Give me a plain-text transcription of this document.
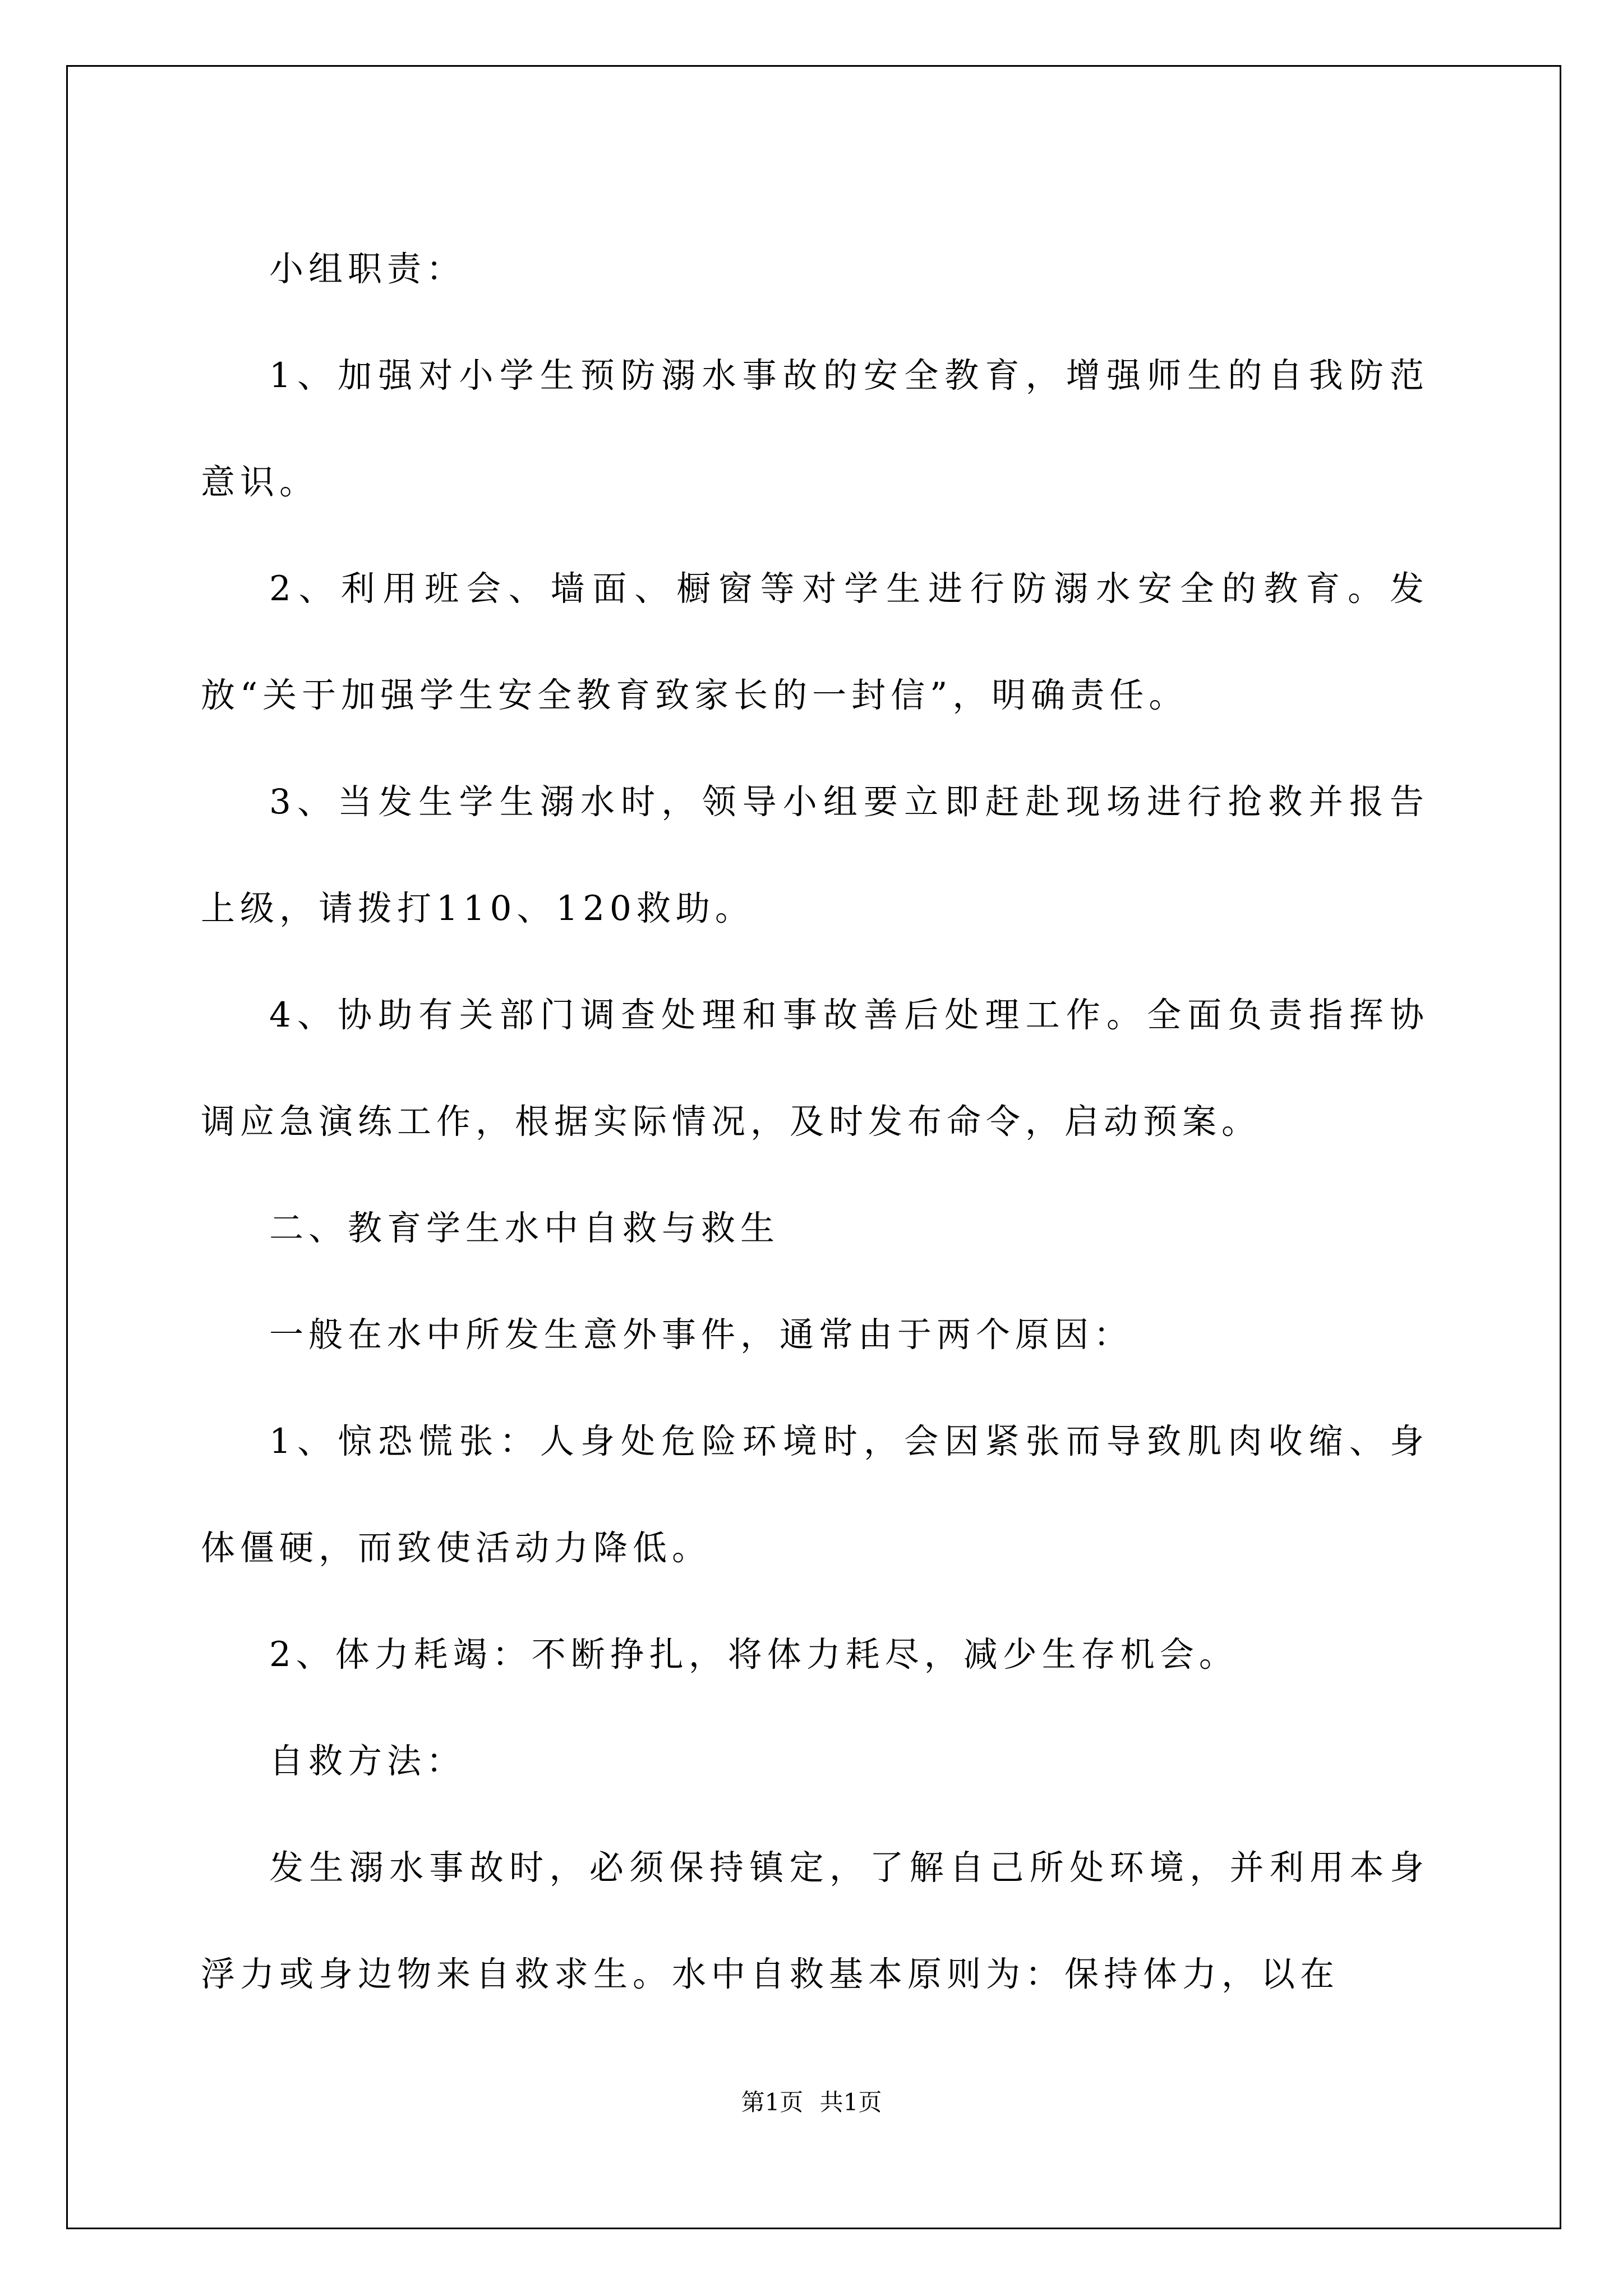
小组职责：

1、加强对小学生预防溺水事故的安全教育，增强师生的自我防范意识。

2、利用班会、墙面、橱窗等对学生进行防溺水安全的教育。发放“关于加强学生安全教育致家长的一封信”，明确责任。

3、当发生学生溺水时，领导小组要立即赶赴现场进行抢救并报告上级，请拨打110、120救助。

4、协助有关部门调查处理和事故善后处理工作。全面负责指挥协调应急演练工作，根据实际情况，及时发布命令，启动预案。

二、教育学生水中自救与救生

一般在水中所发生意外事件，通常由于两个原因：

1、惊恐慌张：人身处危险环境时，会因紧张而导致肌肉收缩、身体僵硬，而致使活动力降低。

2、体力耗竭：不断挣扎，将体力耗尽，减少生存机会。

自救方法：

发生溺水事故时，必须保持镇定，了解自己所处环境，并利用本身浮力或身边物来自救求生。水中自救基本原则为：保持体力，以在

第1页 共1页
